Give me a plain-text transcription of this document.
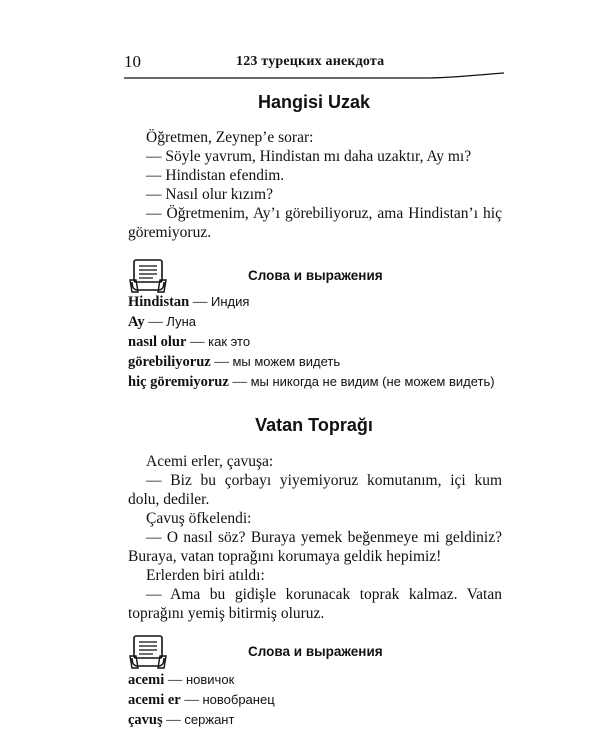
10	123 турецких анекдота
Hangisi Uzak

Öğretmen, Zeynep’e sorar:

— Söyle yavrum, Hindistan mı daha uzaktır, Ay mı?

— Hindistan efendim.

— Nasıl olur kızım?

— Öğretmenim, Ay’ı görebiliyoruz, ama Hindistan’ı hiç göremiyoruz.

Слова и выражения
Hindistan — Индия
Ay — Луна
nasıl olur — как это
görebiliyoruz — мы можем видеть
hiç göremiyoruz — мы никогда не видим (не можем видеть)
Vatan Toprağı

Acemi erler, çavuşa:

— Biz bu çorbayı yiyemiyoruz komutanım, içi kum dolu, dediler.

Çavuş öfkelendi:

— O nasıl söz? Buraya yemek beğenmeye mi geldiniz? Buraya, vatan toprağını korumaya geldik hepimiz!

Erlerden biri atıldı:

— Ama bu gidişle korunacak toprak kalmaz. Vatan toprağını yemiş bitirmiş oluruz.

Слова и выражения
acemi — новичок
acemi er — новобранец
çavuş — сержант
